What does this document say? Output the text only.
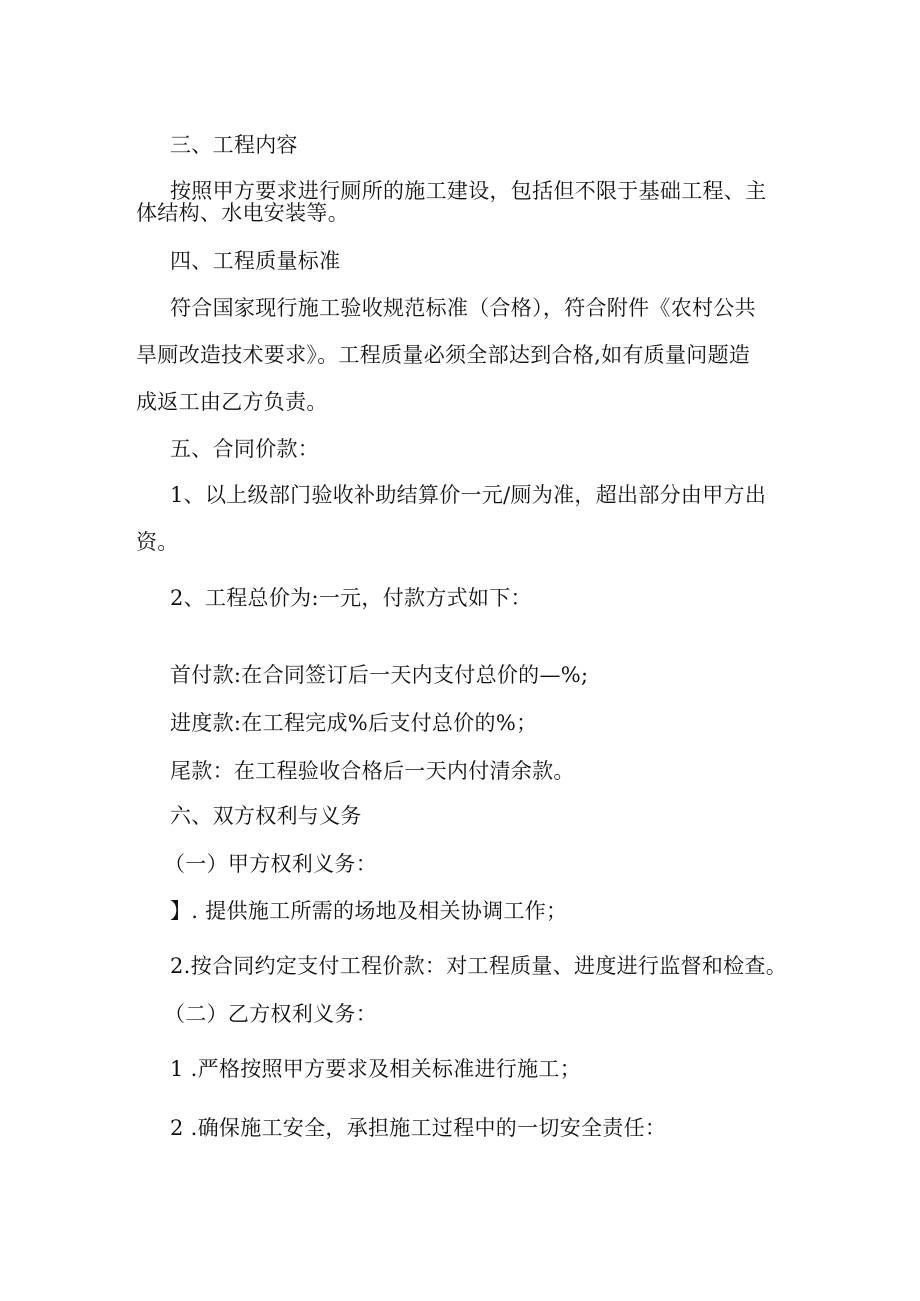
三、工程内容
按照甲方要求进行厕所的施工建设，包括但不限于基础工程、主
体结构、水电安装等。
四、工程质量标准
符合国家现行施工验收规范标准（合格），符合附件《农村公共
旱厕改造技术要求》。工程质量必须全部达到合格,如有质量问题造
成返工由乙方负责。
五、合同价款：
1、以上级部门验收补助结算价一元/厕为准，超出部分由甲方出
资。
2、工程总价为:一元，付款方式如下：
首付款:在合同签订后一天内支付总价的—%;
进度款:在工程完成%后支付总价的%；
尾款：在工程验收合格后一天内付清余款。
六、双方权利与义务
（一）甲方权利义务：
】. 提供施工所需的场地及相关协调工作；
2.按合同约定支付工程价款：对工程质量、进度进行监督和检查。
（二）乙方权利义务：
1 .严格按照甲方要求及相关标准进行施工；
2 .确保施工安全，承担施工过程中的一切安全责任：
